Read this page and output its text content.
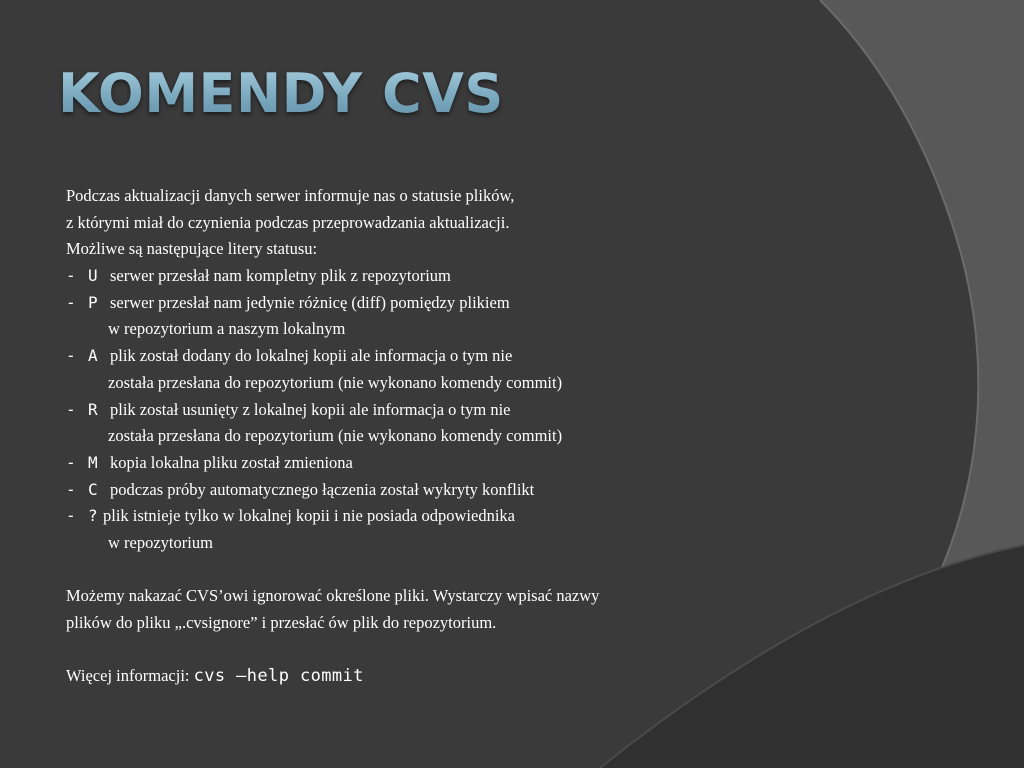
KOMENDY CVS
Podczas aktualizacji danych serwer informuje nas o statusie plików,
z którymi miał do czynienia podczas przeprowadzania aktualizacji.
Możliwe są następujące litery statusu:
- U serwer przesłał nam kompletny plik z repozytorium
- P serwer przesłał nam jedynie różnicę (diff) pomiędzy plikiem
w repozytorium a naszym lokalnym
- A plik został dodany do lokalnej kopii ale informacja o tym nie
została przesłana do repozytorium (nie wykonano komendy commit)
- R plik został usunięty z lokalnej kopii ale informacja o tym nie
została przesłana do repozytorium (nie wykonano komendy commit)
- M kopia lokalna pliku został zmieniona
- C podczas próby automatycznego łączenia został wykryty konflikt
- ? plik istnieje tylko w lokalnej kopii i nie posiada odpowiednika
w repozytorium
Możemy nakazać CVS’owi ignorować określone pliki. Wystarczy wpisać nazwy
plików do pliku „.cvsignore” i przesłać ów plik do repozytorium.
Więcej informacji: cvs –help commit
